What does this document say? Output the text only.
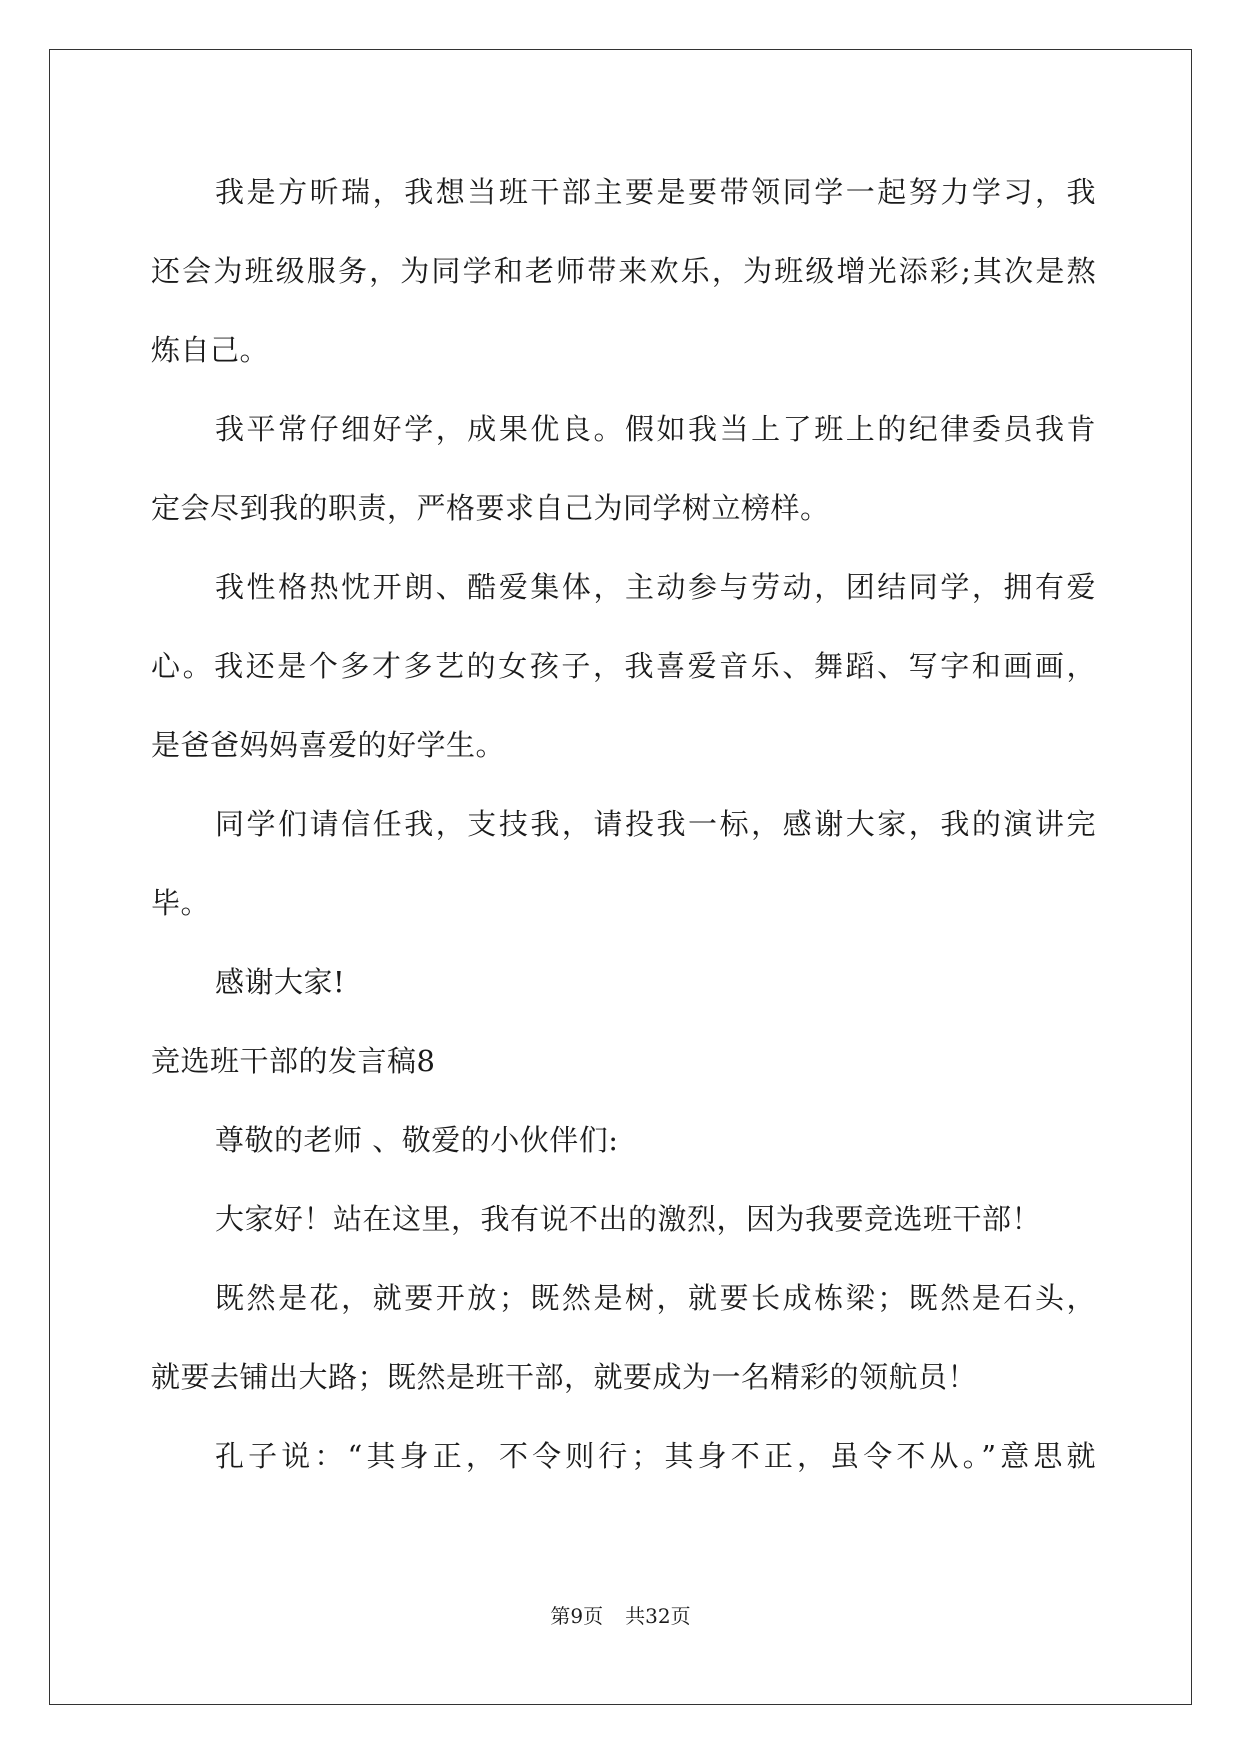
我是方昕瑞，我想当班干部主要是要带领同学一起努力学习，我
还会为班级服务，为同学和老师带来欢乐，为班级增光添彩;其次是熬
炼自己。
我平常仔细好学，成果优良。假如我当上了班上的纪律委员我肯
定会尽到我的职责，严格要求自己为同学树立榜样。
我性格热忱开朗、酷爱集体，主动参与劳动，团结同学，拥有爱
心。我还是个多才多艺的女孩子，我喜爱音乐、舞蹈、写字和画画，
是爸爸妈妈喜爱的好学生。
同学们请信任我，支技我，请投我一标，感谢大家，我的演讲完
毕。
感谢大家!
竞选班干部的发言稿8
尊敬的老师 、敬爱的小伙伴们:
大家好！站在这里，我有说不出的激烈，因为我要竞选班干部！
既然是花，就要开放；既然是树，就要长成栋梁；既然是石头，
就要去铺出大路；既然是班干部，就要成为一名精彩的领航员！
孔子说：“其身正，不令则行；其身不正，虽令不从。”意思就
第9页 共32页
